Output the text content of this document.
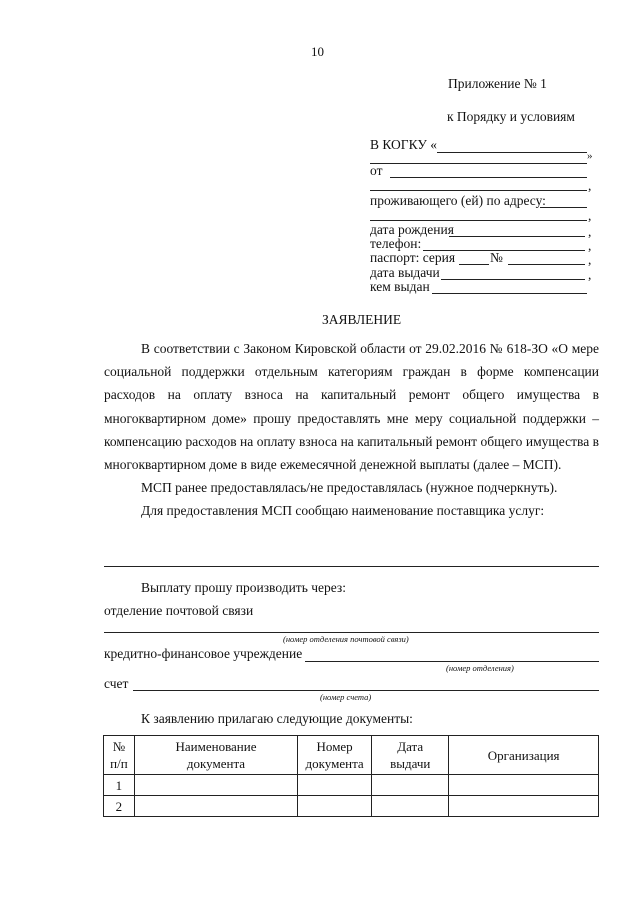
10
Приложение № 1
к Порядку и условиям
В КОГКУ «
»
от
,
проживающего (ей) по адресу:
,
дата рождения	,
телефон:	,
паспорт: серия	№	,
дата выдачи	,
кем выдан
ЗАЯВЛЕНИЕ

В соответствии с Законом Кировской области от 29.02.2016 № 618-ЗО «О мере социальной поддержки отдельным категориям граждан в форме компенсации расходов на оплату взноса на капитальный ремонт общего имущества в многоквартирном доме» прошу предоставлять мне меру социальной поддержки – компенсацию расходов на оплату взноса на капитальный ремонт общего имущества в многоквартирном доме в виде ежемесячной денежной выплаты (далее – МСП).

МСП ранее предоставлялась/не предоставлялась (нужное подчеркнуть).

Для предоставления МСП сообщаю наименование поставщика услуг:

Выплату прошу производить через:
отделение почтовой связи
(номер отделения почтовой связи)
кредитно-финансовое учреждение
(номер отделения)
счет
(номер счета)
К заявлению прилагаю следующие документы:
№ п/п	Наименование документа	Номер документа	Дата выдачи	Организация
1				
2				
